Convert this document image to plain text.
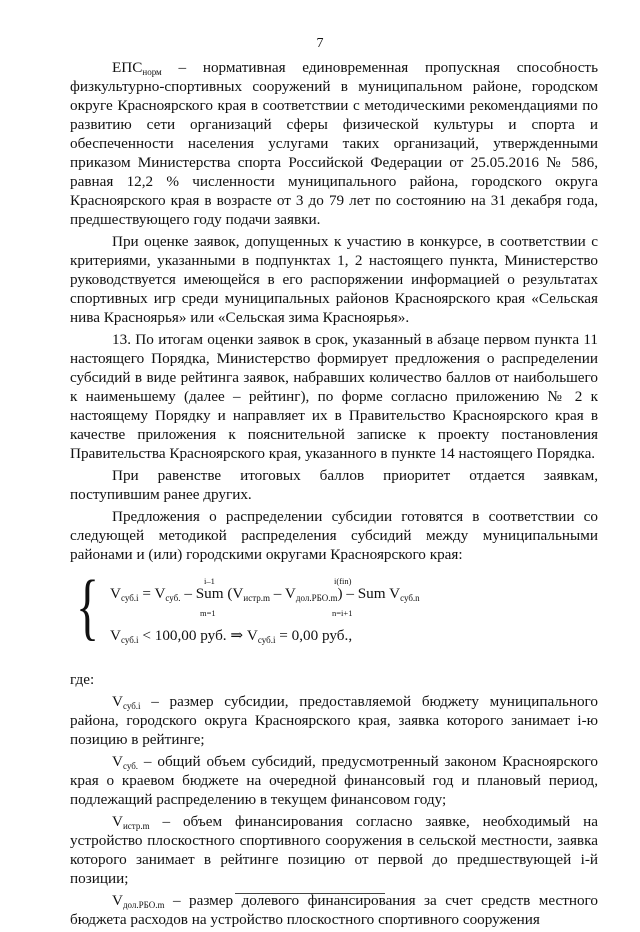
7

$ЕПС_{норм}$ – нормативная единовременная пропускная способность физкультурно-спортивных сооружений в муниципальном районе, городском округе Красноярского края в соответствии с методическими рекомендациями по развитию сети организаций сферы физической культуры и спорта и обеспеченности населения услугами таких организаций, утвержденными приказом Министерства спорта Российской Федерации от 25.05.2016 № 586, равная 12,2 % численности муниципального района, городского округа Красноярского края в возрасте от 3 до 79 лет по состоянию на 31 декабря года, предшествующего году подачи заявки.

При оценке заявок, допущенных к участию в конкурсе, в соответствии с критериями, указанными в подпунктах 1, 2 настоящего пункта, Министерство руководствуется имеющейся в его распоряжении информацией о результатах спортивных игр среди муниципальных районов Красноярского края «Сельская нива Красноярья» или «Сельская зима Красноярья».

13. По итогам оценки заявок в срок, указанный в абзаце первом пункта 11 настоящего Порядка, Министерство формирует предложения о распределении субсидий в виде рейтинга заявок, набравших количество баллов от наибольшего к наименьшему (далее – рейтинг), по форме согласно приложению № 2 к настоящему Порядку и направляет их в Правительство Красноярского края в качестве приложения к пояснительной записке к проекту постановления Правительства Красноярского края, указанного в пункте 14 настоящего Порядка.

При равенстве итоговых баллов приоритет отдается заявкам, поступившим ранее других.

Предложения о распределении субсидии готовятся в соответствии со следующей методикой распределения субсидий между муниципальными районами и (или) городскими округами Красноярского края:

{	i–1	i(fin)
$V_{суб.i} = V_{суб.}$ – Sum $(V_{истр.m} - V_{дол.РБО.m})$ – Sum $V_{суб.n}$
m=1	n=i+1
$V_{суб.i} < 100,00$ руб. ⇒ $V_{суб.i} = 0,00$ руб.,

где:

$V_{суб.i}$ – размер субсидии, предоставляемой бюджету муниципального района, городского округа Красноярского края, заявка которого занимает i-ю позицию в рейтинге;

$V_{суб.}$ – общий объем субсидий, предусмотренный законом Красноярского края о краевом бюджете на очередной финансовый год и плановый период, подлежащий распределению в текущем финансовом году;

$V_{истр.m}$ – объем финансирования согласно заявке, необходимый на устройство плоскостного спортивного сооружения в сельской местности, заявка которого занимает в рейтинге позицию от первой до предшествующей i-й позиции;

$V_{дол.РБО.m}$ – размер долевого финансирования за счет средств местного бюджета расходов на устройство плоскостного спортивного сооружения
